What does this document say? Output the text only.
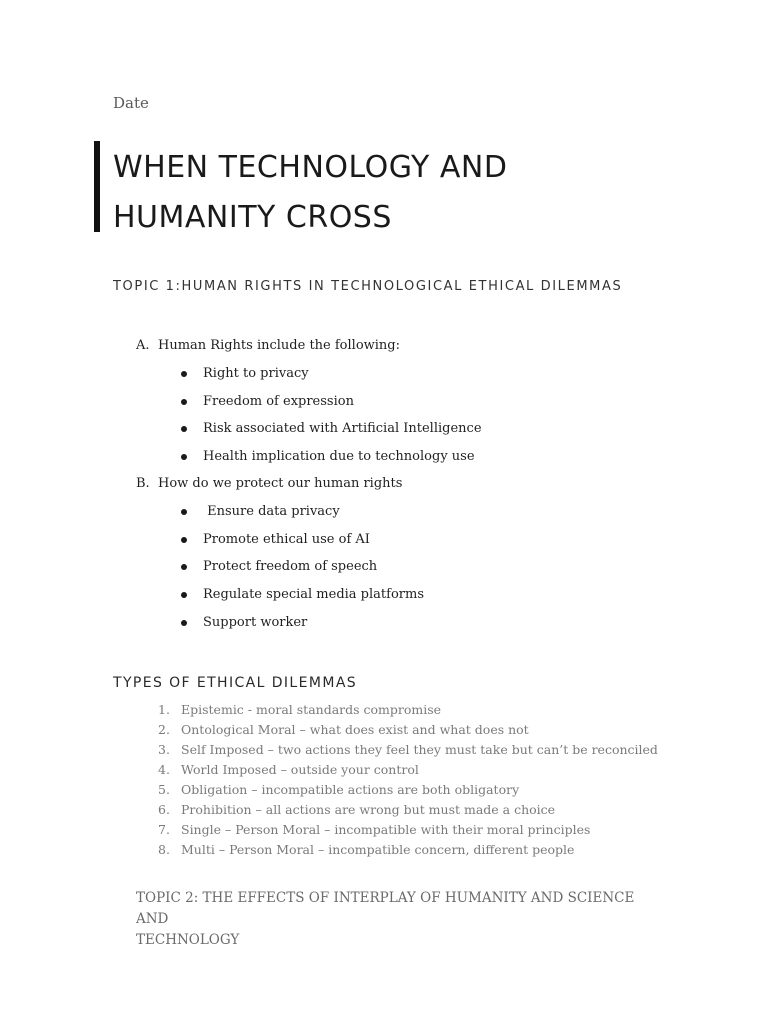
Date
WHEN TECHNOLOGY AND
HUMANITY CROSS
TOPIC 1:HUMAN RIGHTS IN TECHNOLOGICAL ETHICAL DILEMMAS
A. Human Rights include the following:
Right to privacy
Freedom of expression
Risk associated with Artificial Intelligence
Health implication due to technology use
B. How do we protect our human rights
Ensure data privacy
Promote ethical use of AI
Protect freedom of speech
Regulate special media platforms
Support worker
TYPES OF ETHICAL DILEMMAS
1. Epistemic - moral standards compromise
2. Ontological Moral – what does exist and what does not
3. Self Imposed – two actions they feel they must take but can’t be reconciled
4. World Imposed – outside your control
5. Obligation – incompatible actions are both obligatory
6. Prohibition – all actions are wrong but must made a choice
7. Single – Person Moral – incompatible with their moral principles
8. Multi – Person Moral – incompatible concern, different people
TOPIC 2: THE EFFECTS OF INTERPLAY OF HUMANITY AND SCIENCE AND
TECHNOLOGY
